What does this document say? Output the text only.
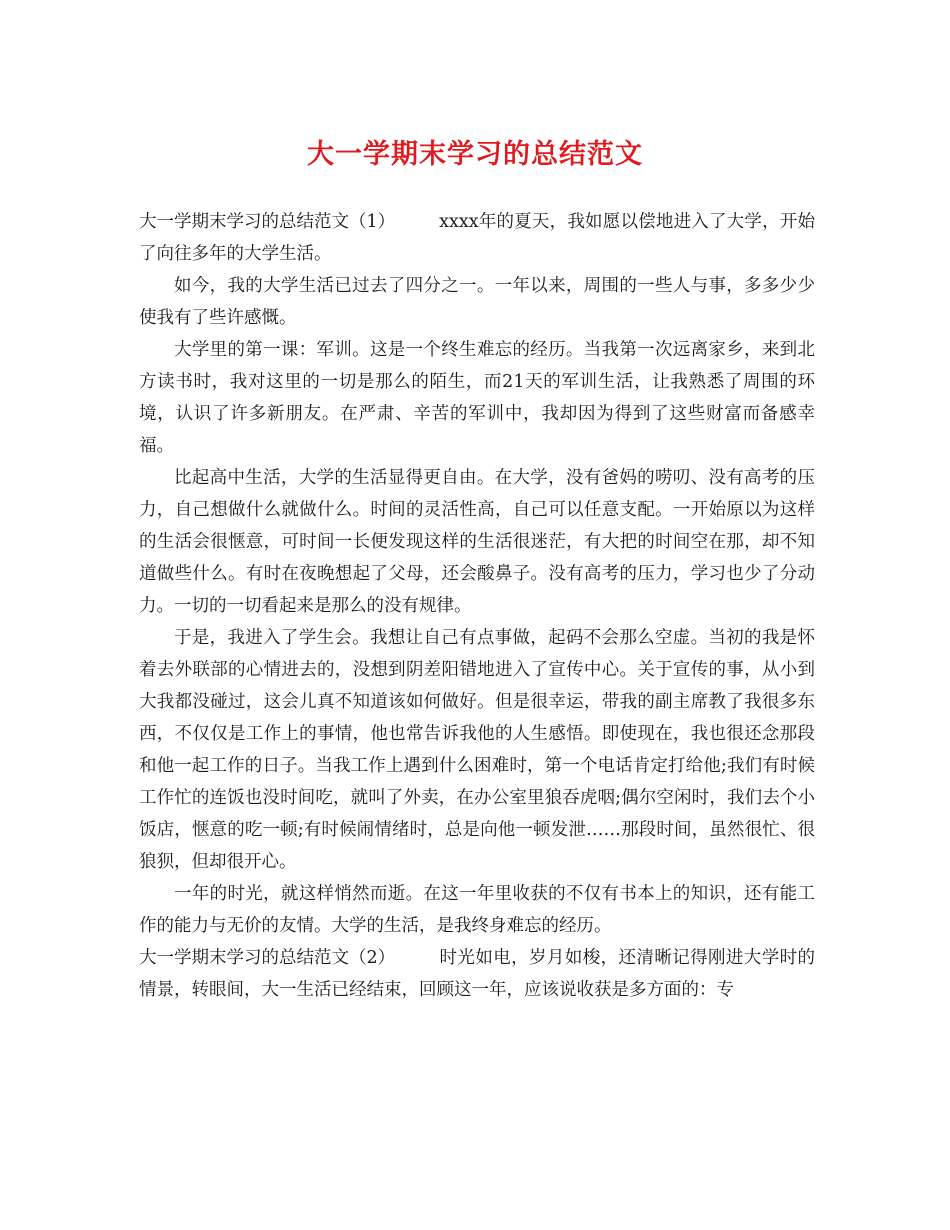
大一学期末学习的总结范文

大一学期末学习的总结范文（1）	xxxx年的夏天，我如愿以偿地进入了大学，开始了向往多年的大学生活。

如今，我的大学生活已过去了四分之一。一年以来，周围的一些人与事，多多少少使我有了些许感慨。

大学里的第一课：军训。这是一个终生难忘的经历。当我第一次远离家乡，来到北方读书时，我对这里的一切是那么的陌生，而21天的军训生活，让我熟悉了周围的环境，认识了许多新朋友。在严肃、辛苦的军训中，我却因为得到了这些财富而备感幸福。

比起高中生活，大学的生活显得更自由。在大学，没有爸妈的唠叨、没有高考的压力，自己想做什么就做什么。时间的灵活性高，自己可以任意支配。一开始原以为这样的生活会很惬意，可时间一长便发现这样的生活很迷茫，有大把的时间空在那，却不知道做些什么。有时在夜晚想起了父母，还会酸鼻子。没有高考的压力，学习也少了分动力。一切的一切看起来是那么的没有规律。

于是，我进入了学生会。我想让自己有点事做，起码不会那么空虚。当初的我是怀着去外联部的心情进去的，没想到阴差阳错地进入了宣传中心。关于宣传的事，从小到大我都没碰过，这会儿真不知道该如何做好。但是很幸运，带我的副主席教了我很多东西，不仅仅是工作上的事情，他也常告诉我他的人生感悟。即使现在，我也很还念那段和他一起工作的日子。当我工作上遇到什么困难时，第一个电话肯定打给他;我们有时候工作忙的连饭也没时间吃，就叫了外卖，在办公室里狼吞虎咽;偶尔空闲时，我们去个小饭店，惬意的吃一顿;有时候闹情绪时，总是向他一顿发泄……那段时间，虽然很忙、很狼狈，但却很开心。

一年的时光，就这样悄然而逝。在这一年里收获的不仅有书本上的知识，还有能工作的能力与无价的友情。大学的生活，是我终身难忘的经历。

大一学期末学习的总结范文（2）	时光如电，岁月如梭，还清晰记得刚进大学时的情景，转眼间，大一生活已经结束，回顾这一年，应该说收获是多方面的：专
